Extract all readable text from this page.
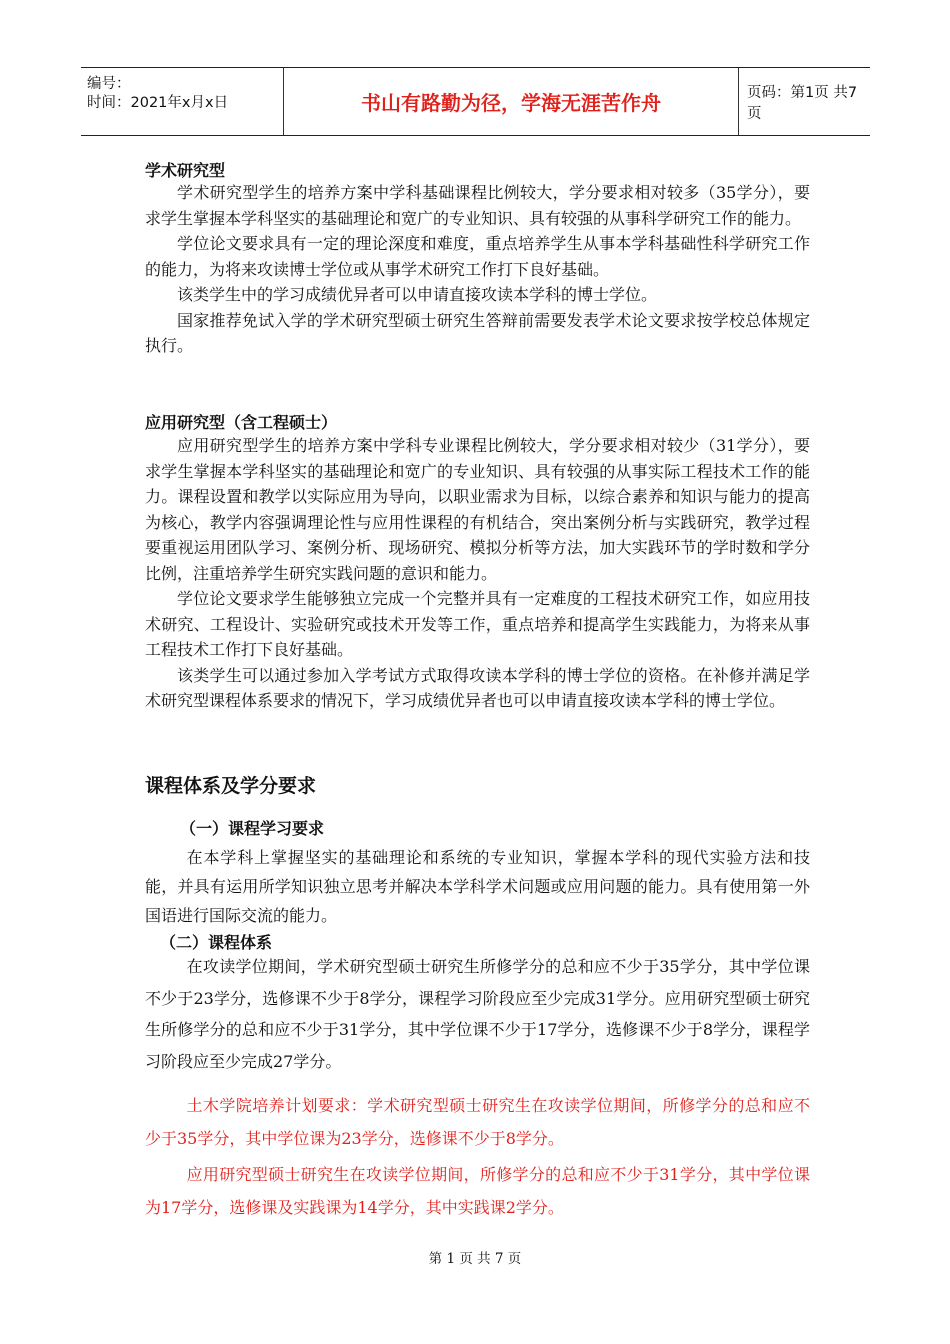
编号：
时间：2021年x月x日	书山有路勤为径，学海无涯苦作舟	页码：第1页 共7页
学术研究型

学术研究型学生的培养方案中学科基础课程比例较大，学分要求相对较多（35学分），要求学生掌握本学科坚实的基础理论和宽广的专业知识、具有较强的从事科学研究工作的能力。

学位论文要求具有一定的理论深度和难度，重点培养学生从事本学科基础性科学研究工作的能力，为将来攻读博士学位或从事学术研究工作打下良好基础。

该类学生中的学习成绩优异者可以申请直接攻读本学科的博士学位。

国家推荐免试入学的学术研究型硕士研究生答辩前需要发表学术论文要求按学校总体规定执行。

应用研究型（含工程硕士）

应用研究型学生的培养方案中学科专业课程比例较大，学分要求相对较少（31学分），要求学生掌握本学科坚实的基础理论和宽广的专业知识、具有较强的从事实际工程技术工作的能力。课程设置和教学以实际应用为导向，以职业需求为目标，以综合素养和知识与能力的提高为核心，教学内容强调理论性与应用性课程的有机结合，突出案例分析与实践研究，教学过程要重视运用团队学习、案例分析、现场研究、模拟分析等方法，加大实践环节的学时数和学分比例，注重培养学生研究实践问题的意识和能力。

学位论文要求学生能够独立完成一个完整并具有一定难度的工程技术研究工作，如应用技术研究、工程设计、实验研究或技术开发等工作，重点培养和提高学生实践能力，为将来从事工程技术工作打下良好基础。

该类学生可以通过参加入学考试方式取得攻读本学科的博士学位的资格。在补修并满足学术研究型课程体系要求的情况下，学习成绩优异者也可以申请直接攻读本学科的博士学位。

课程体系及学分要求
（一）课程学习要求

在本学科上掌握坚实的基础理论和系统的专业知识，掌握本学科的现代实验方法和技能，并具有运用所学知识独立思考并解决本学科学术问题或应用问题的能力。具有使用第一外国语进行国际交流的能力。

（二）课程体系

在攻读学位期间，学术研究型硕士研究生所修学分的总和应不少于35学分，其中学位课不少于23学分，选修课不少于8学分，课程学习阶段应至少完成31学分。应用研究型硕士研究生所修学分的总和应不少于31学分，其中学位课不少于17学分，选修课不少于8学分，课程学习阶段应至少完成27学分。

土木学院培养计划要求：学术研究型硕士研究生在攻读学位期间，所修学分的总和应不少于35学分，其中学位课为23学分，选修课不少于8学分。

应用研究型硕士研究生在攻读学位期间，所修学分的总和应不少于31学分，其中学位课为17学分，选修课及实践课为14学分，其中实践课2学分。

第 1 页 共 7 页
